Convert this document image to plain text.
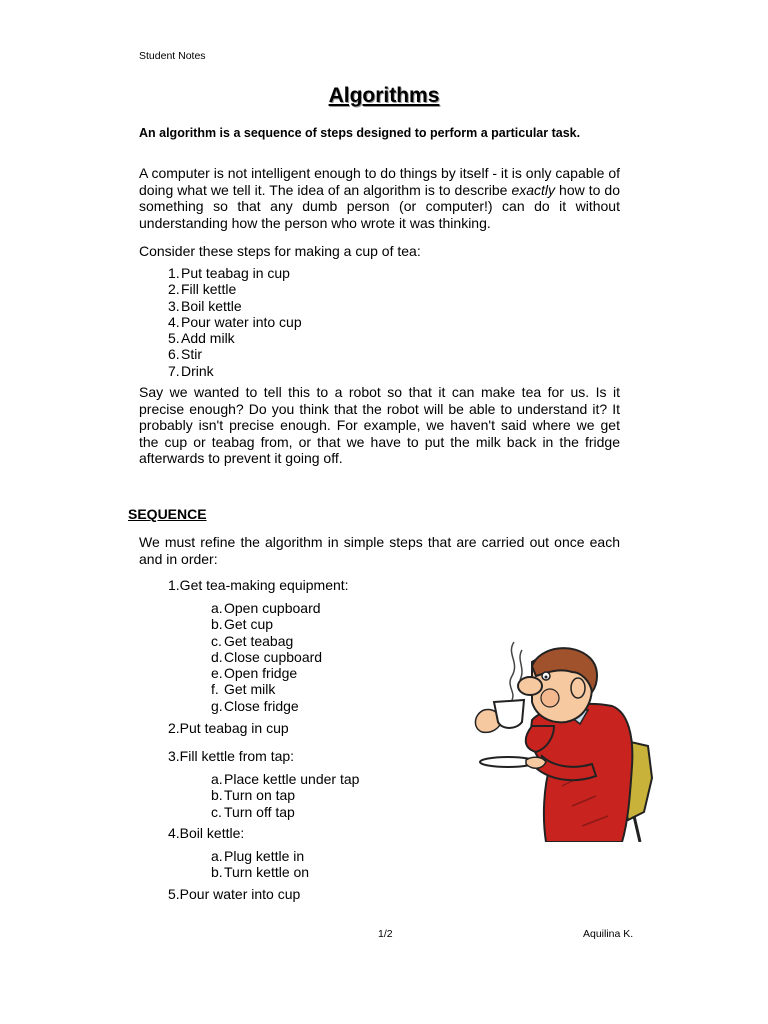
Student Notes
Algorithms
An algorithm is a sequence of steps designed to perform a particular task.
A computer is not intelligent enough to do things by itself - it is only capable of doing what we tell it. The idea of an algorithm is to describe exactly how to do something so that any dumb person (or computer!) can do it without understanding how the person who wrote it was thinking.
Consider these steps for making a cup of tea:
1.Put teabag in cup
2.Fill kettle
3.Boil kettle
4.Pour water into cup
5.Add milk
6.Stir
7.Drink
Say we wanted to tell this to a robot so that it can make tea for us. Is it precise enough? Do you think that the robot will be able to understand it? It probably isn't precise enough. For example, we haven't said where we get the cup or teabag from, or that we have to put the milk back in the fridge afterwards to prevent it going off.
SEQUENCE
We must refine the algorithm in simple steps that are carried out once each and in order:
1.Get tea-making equipment:
a.Open cupboard
b.Get cup
c. Get teabag
d.Close cupboard
e.Open fridge
f. Get milk
g.Close fridge
2.Put teabag in cup
3.Fill kettle from tap:
a.Place kettle under tap
b.Turn on tap
c. Turn off tap
4.Boil kettle:
a.Plug kettle in
b.Turn kettle on
5.Pour water into cup
1/2	Aquilina K.
